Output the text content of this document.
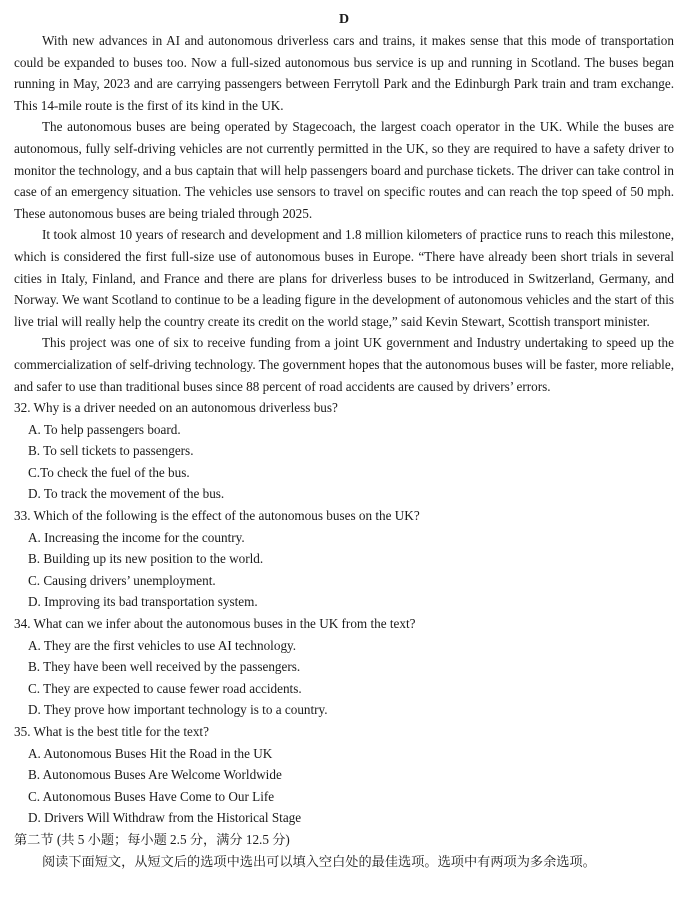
D

With new advances in AI and autonomous driverless cars and trains, it makes sense that this mode of transportation could be expanded to buses too. Now a full-sized autonomous bus service is up and running in Scotland. The buses began running in May, 2023 and are carrying passengers between Ferrytoll Park and the Edinburgh Park train and tram exchange. This 14-mile route is the first of its kind in the UK.

The autonomous buses are being operated by Stagecoach, the largest coach operator in the UK. While the buses are autonomous, fully self-driving vehicles are not currently permitted in the UK, so they are required to have a safety driver to monitor the technology, and a bus captain that will help passengers board and purchase tickets. The driver can take control in case of an emergency situation. The vehicles use sensors to travel on specific routes and can reach the top speed of 50 mph. These autonomous buses are being trialed through 2025.

It took almost 10 years of research and development and 1.8 million kilometers of practice runs to reach this milestone, which is considered the first full-size use of autonomous buses in Europe. “There have already been short trials in several cities in Italy, Finland, and France and there are plans for driverless buses to be introduced in Switzerland, Germany, and Norway. We want Scotland to continue to be a leading figure in the development of autonomous vehicles and the start of this live trial will really help the country create its credit on the world stage,” said Kevin Stewart, Scottish transport minister.

This project was one of six to receive funding from a joint UK government and Industry undertaking to speed up the commercialization of self-driving technology. The government hopes that the autonomous buses will be faster, more reliable, and safer to use than traditional buses since 88 percent of road accidents are caused by drivers’ errors.

32. Why is a driver needed on an autonomous driverless bus?

A. To help passengers board.

B. To sell tickets to passengers.

C.To check the fuel of the bus.

D. To track the movement of the bus.

33. Which of the following is the effect of the autonomous buses on the UK?

A. Increasing the income for the country.

B. Building up its new position to the world.

C. Causing drivers’ unemployment.

D. Improving its bad transportation system.

34. What can we infer about the autonomous buses in the UK from the text?

A. They are the first vehicles to use AI technology.

B. They have been well received by the passengers.

C. They are expected to cause fewer road accidents.

D. They prove how important technology is to a country.

35. What is the best title for the text?

A. Autonomous Buses Hit the Road in the UK

B. Autonomous Buses Are Welcome Worldwide

C. Autonomous Buses Have Come to Our Life

D. Drivers Will Withdraw from the Historical Stage

第二节 (共 5 小题；每小题 2.5 分，满分 12.5 分)

阅读下面短文，从短文后的选项中选出可以填入空白处的最佳选项。选项中有两项为多余选项。
